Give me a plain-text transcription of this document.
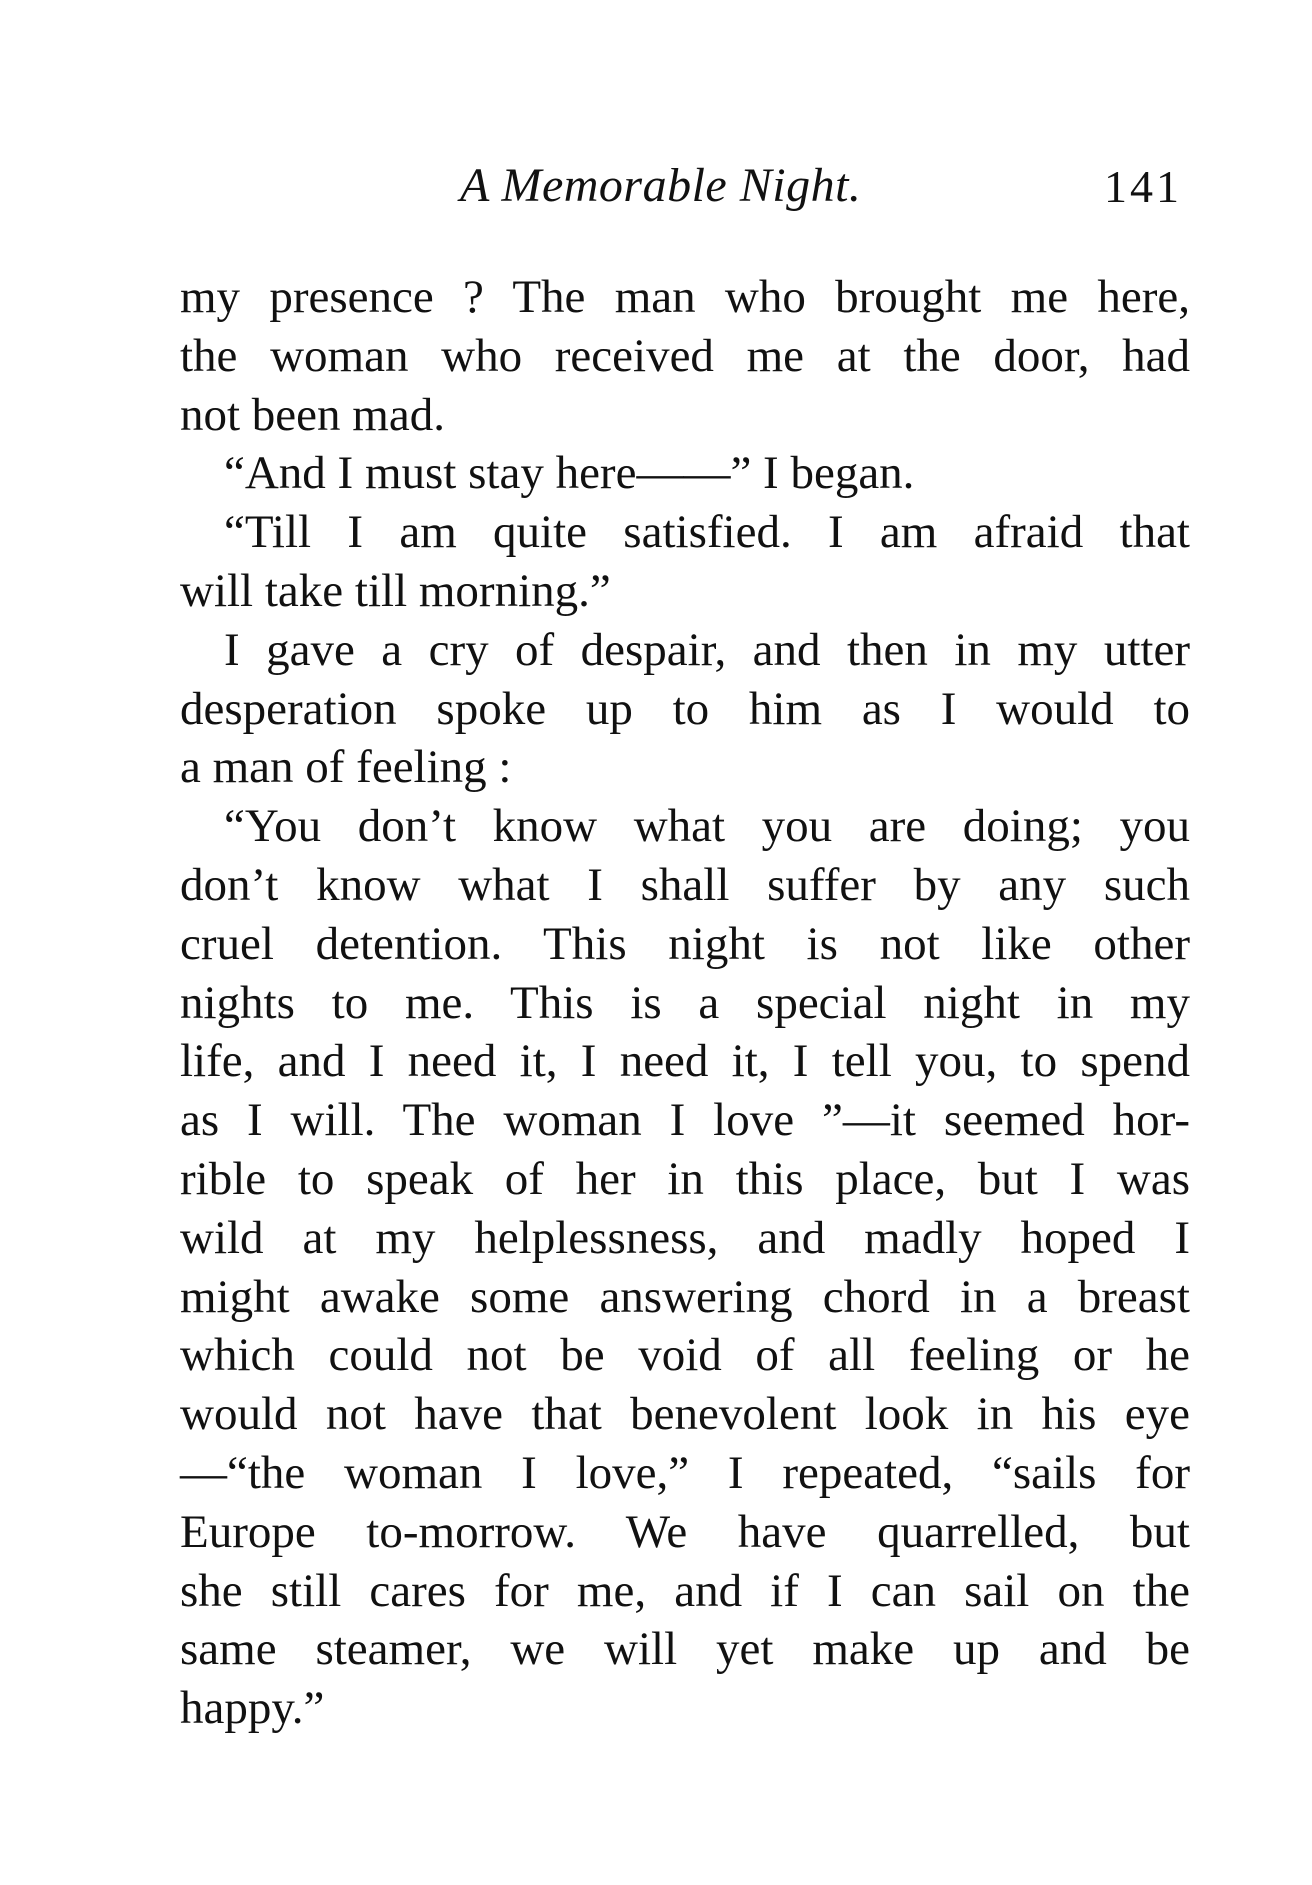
A Memorable Night.	141
my presence ? The man who brought me here,
the woman who received me at the door, had
not been mad.
“And I must stay here——” I began.
“Till I am quite satisfied. I am afraid that
will take till morning.”
I gave a cry of despair, and then in my utter
desperation spoke up to him as I would to
a man of feeling :
“You don’t know what you are doing; you
don’t know what I shall suffer by any such
cruel detention. This night is not like other
nights to me. This is a special night in my
life, and I need it, I need it, I tell you, to spend
as I will. The woman I love ”—it seemed hor-
rible to speak of her in this place, but I was
wild at my helplessness, and madly hoped I
might awake some answering chord in a breast
which could not be void of all feeling or he
would not have that benevolent look in his eye
—“the woman I love,” I repeated, “sails for
Europe to-morrow. We have quarrelled, but
she still cares for me, and if I can sail on the
same steamer, we will yet make up and be
happy.”
